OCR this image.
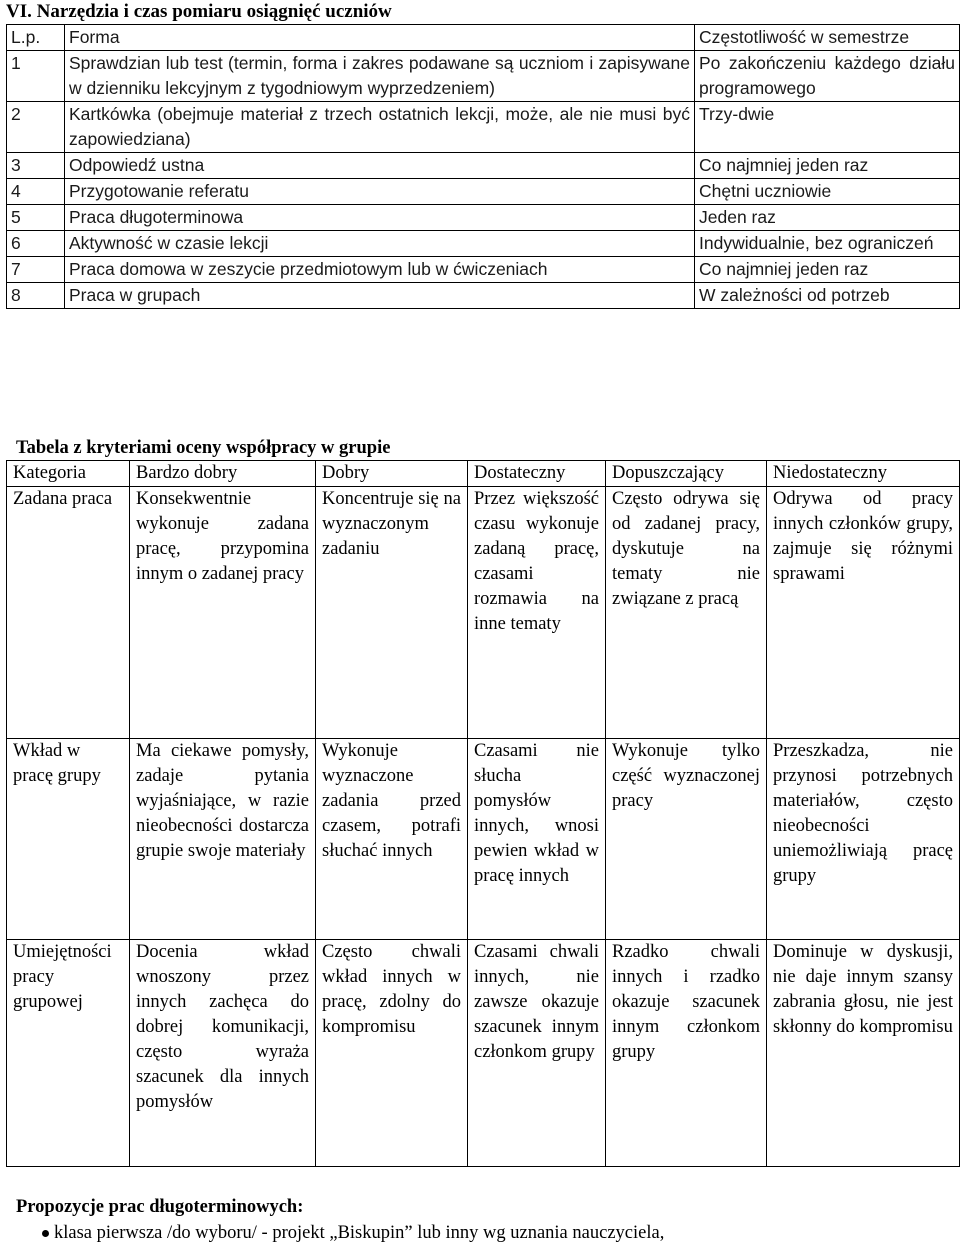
VI. Narzędzia i czas pomiaru osiągnięć uczniów
L.p.	Forma	Częstotliwość w semestrze
1	Sprawdzian lub test (termin, forma i zakres podawane są uczniom i zapisywane w dzienniku lekcyjnym z tygodniowym wyprzedzeniem)	Po zakończeniu każdego działu programowego
2	Kartkówka (obejmuje materiał z trzech ostatnich lekcji, może, ale nie musi być zapowiedziana)	Trzy-dwie
3	Odpowiedź ustna	Co najmniej jeden raz
4	Przygotowanie referatu	Chętni uczniowie
5	Praca długoterminowa	Jeden raz
6	Aktywność w czasie lekcji	Indywidualnie, bez ograniczeń
7	Praca domowa w zeszycie przedmiotowym lub w ćwiczeniach	Co najmniej jeden raz
8	Praca w grupach	W zależności od potrzeb
Tabela z kryteriami oceny współpracy w grupie
Kategoria	Bardzo dobry	Dobry	Dostateczny	Dopuszczający	Niedostateczny
Zadana praca	Konsekwentnie wykonuje zadana pracę, przypomina innym o zadanej pracy	Koncentruje się na wyznaczonym zadaniu	Przez większość czasu wykonuje zadaną pracę, czasami rozmawia na inne tematy	Często odrywa się od zadanej pracy, dyskutuje na tematy nie związane z pracą	Odrywa od pracy innych członków grupy, zajmuje się różnymi sprawami
Wkład w pracę grupy	Ma ciekawe pomysły, zadaje pytania wyjaśniające, w razie nieobecności dostarcza grupie swoje materiały	Wykonuje wyznaczone zadania przed czasem, potrafi słuchać innych	Czasami nie słucha pomysłów innych, wnosi pewien wkład w pracę innych	Wykonuje tylko część wyznaczonej pracy	Przeszkadza, nie przynosi potrzebnych materiałów, często nieobecności uniemożliwiają pracę grupy
Umiejętności pracy grupowej	Docenia wkład wnoszony przez innych zachęca do dobrej komunikacji, często wyraża szacunek dla innych pomysłów	Często chwali wkład innych w pracę, zdolny do kompromisu	Czasami chwali innych, nie zawsze okazuje szacunek innym członkom grupy	Rzadko chwali innych i rzadko okazuje szacunek innym członkom grupy	Dominuje w dyskusji, nie daje innym szansy zabrania głosu, nie jest skłonny do kompromisu
Propozycje prac długoterminowych:
klasa pierwsza /do wyboru/ - projekt „Biskupin” lub inny wg uznania nauczyciela,
